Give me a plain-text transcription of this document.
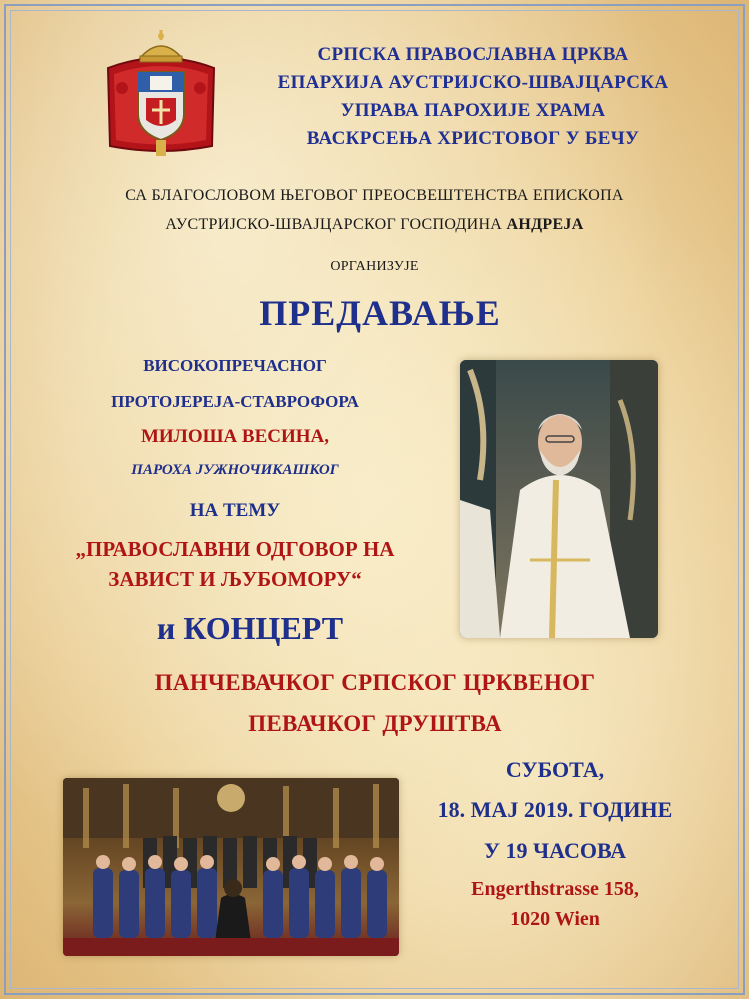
СРПСКА ПРАВОСЛАВНА ЦРКВА
ЕПАРХИЈА АУСТРИЈСКО-ШВАЈЦАРСКА
УПРАВА ПАРОХИЈЕ ХРАМА
ВАСКРСЕЊА ХРИСТОВОГ У БЕЧУ
СА БЛАГОСЛОВОМ ЊЕГОВОГ ПРЕОСВЕШТЕНСТВА ЕПИСКОПА
АУСТРИЈСКО-ШВАЈЦАРСКОГ ГОСПОДИНА АНДРЕЈА
ОРГАНИЗУЈЕ
ПРЕДАВАЊЕ
ВИСОКОПРЕЧАСНОГ
ПРОТОЈЕРЕЈА-СТАВРОФОРА
МИЛОША ВЕСИНА,
ПАРОХА ЈУЖНОЧИКАШКОГ
НА ТЕМУ
„ПРАВОСЛАВНИ ОДГОВОР НА
ЗАВИСТ И ЉУБОМОРУ“
и КОНЦЕРТ
ПАНЧЕВАЧКОГ СРПСКОГ ЦРКВЕНОГ
ПЕВАЧКОГ ДРУШТВА
СУБОТА,
18. МАЈ 2019. ГОДИНЕ
У 19 ЧАСОВА
Engerthstrasse 158,
1020 Wien
